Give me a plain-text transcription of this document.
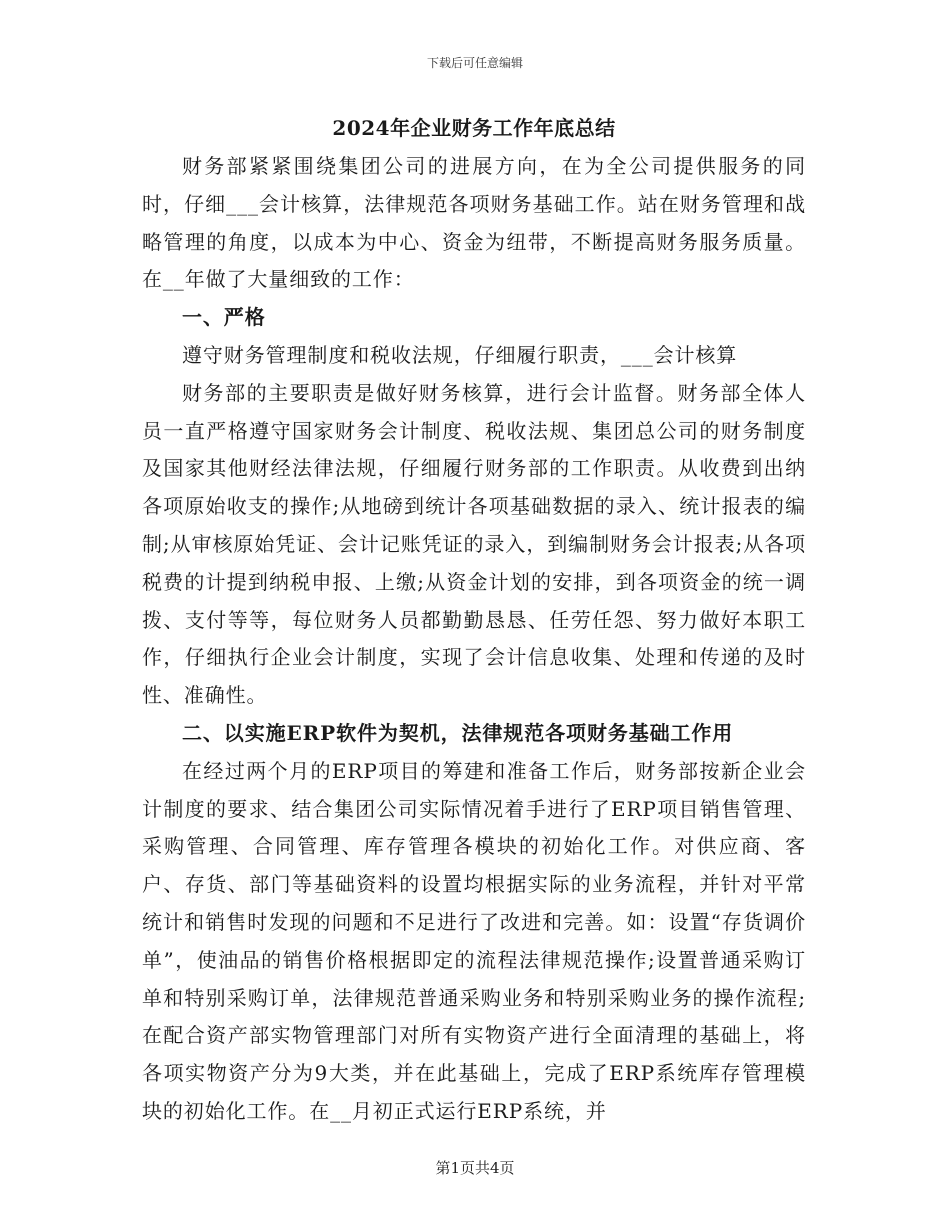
下载后可任意编辑
2024年企业财务工作年底总结

财务部紧紧围绕集团公司的进展方向，在为全公司提供服务的同时，仔细___会计核算，法律规范各项财务基础工作。站在财务管理和战略管理的角度，以成本为中心、资金为纽带，不断提高财务服务质量。在__年做了大量细致的工作：

一、严格

遵守财务管理制度和税收法规，仔细履行职责，___会计核算

财务部的主要职责是做好财务核算，进行会计监督。财务部全体人员一直严格遵守国家财务会计制度、税收法规、集团总公司的财务制度及国家其他财经法律法规，仔细履行财务部的工作职责。从收费到出纳各项原始收支的操作;从地磅到统计各项基础数据的录入、统计报表的编制;从审核原始凭证、会计记账凭证的录入，到编制财务会计报表;从各项税费的计提到纳税申报、上缴;从资金计划的安排，到各项资金的统一调拨、支付等等，每位财务人员都勤勤恳恳、任劳任怨、努力做好本职工作，仔细执行企业会计制度，实现了会计信息收集、处理和传递的及时性、准确性。

二、以实施ERP软件为契机，法律规范各项财务基础工作用

在经过两个月的ERP项目的筹建和准备工作后，财务部按新企业会计制度的要求、结合集团公司实际情况着手进行了ERP项目销售管理、采购管理、合同管理、库存管理各模块的初始化工作。对供应商、客户、存货、部门等基础资料的设置均根据实际的业务流程，并针对平常统计和销售时发现的问题和不足进行了改进和完善。如：设置“存货调价单”，使油品的销售价格根据即定的流程法律规范操作;设置普通采购订单和特别采购订单，法律规范普通采购业务和特别采购业务的操作流程;在配合资产部实物管理部门对所有实物资产进行全面清理的基础上，将各项实物资产分为9大类，并在此基础上，完成了ERP系统库存管理模块的初始化工作。在__月初正式运行ERP系统，并

第1页共4页
